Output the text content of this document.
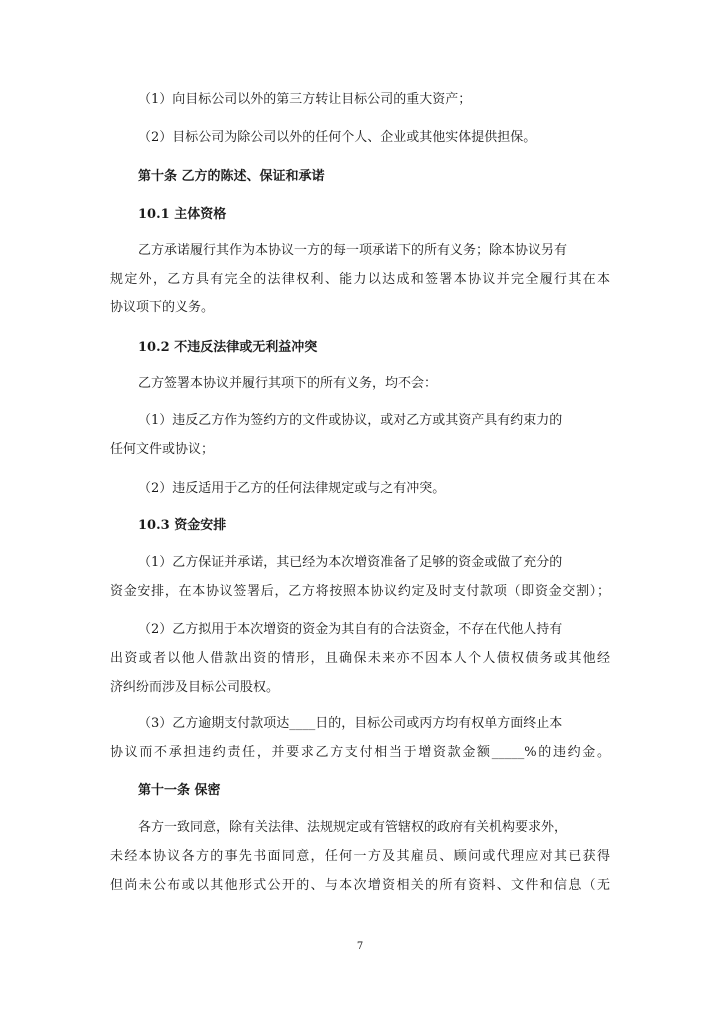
（1）向目标公司以外的第三方转让目标公司的重大资产；

（2）目标公司为除公司以外的任何个人、企业或其他实体提供担保。

第十条 乙方的陈述、保证和承诺

10.1 主体资格

乙方承诺履行其作为本协议一方的每一项承诺下的所有义务；除本协议另有

规定外，乙方具有完全的法律权利、能力以达成和签署本协议并完全履行其在本

协议项下的义务。

10.2 不违反法律或无利益冲突

乙方签署本协议并履行其项下的所有义务，均不会：

（1）违反乙方作为签约方的文件或协议，或对乙方或其资产具有约束力的

任何文件或协议；

（2）违反适用于乙方的任何法律规定或与之有冲突。

10.3 资金安排

（1）乙方保证并承诺，其已经为本次增资准备了足够的资金或做了充分的

资金安排，在本协议签署后，乙方将按照本协议约定及时支付款项（即资金交割）；

（2）乙方拟用于本次增资的资金为其自有的合法资金，不存在代他人持有

出资或者以他人借款出资的情形，且确保未来亦不因本人个人债权债务或其他经

济纠纷而涉及目标公司股权。

（3）乙方逾期支付款项达____日的，目标公司或丙方均有权单方面终止本

协议而不承担违约责任，并要求乙方支付相当于增资款金额_____%的违约金。

第十一条 保密

各方一致同意，除有关法律、法规规定或有管辖权的政府有关机构要求外，

未经本协议各方的事先书面同意，任何一方及其雇员、顾问或代理应对其已获得

但尚未公布或以其他形式公开的、与本次增资相关的所有资料、文件和信息（无

7
